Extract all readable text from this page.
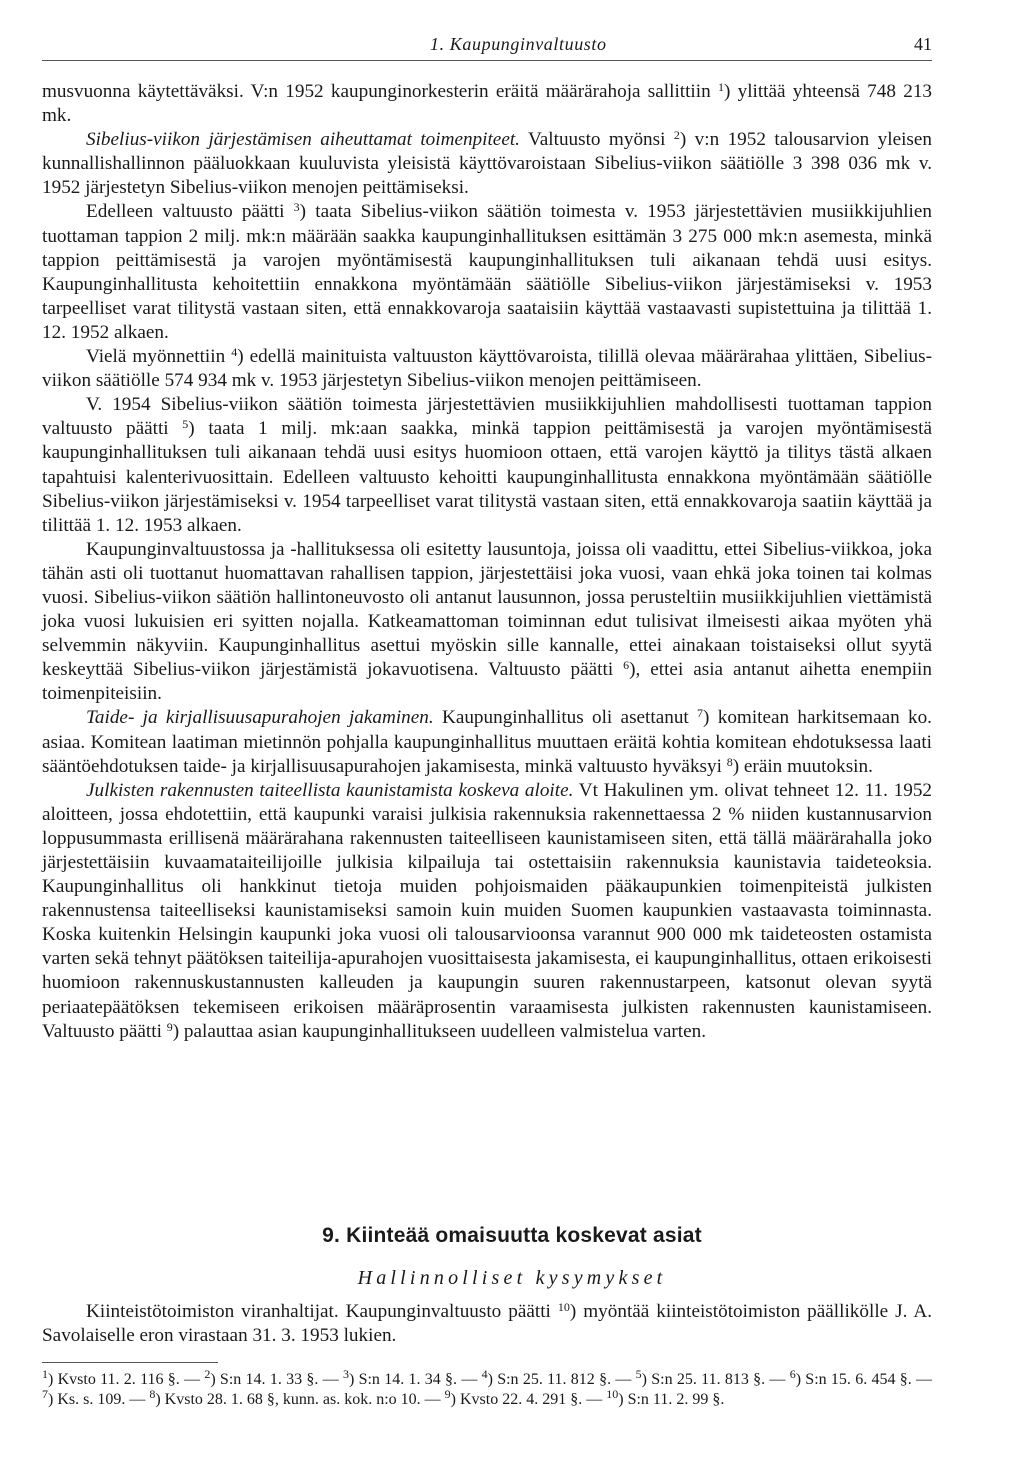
1. Kaupunginvaltuusto	41

musvuonna käytettäväksi. V:n 1952 kaupunginorkesterin eräitä määrärahoja sallittiin $^1$) ylittää yhteensä 748 213 mk.

Sibelius-viikon järjestämisen aiheuttamat toimenpiteet. Valtuusto myönsi $^2$) v:n 1952 talousarvion yleisen kunnallishallinnon pääluokkaan kuuluvista yleisistä käyttövaroistaan Sibelius-viikon säätiölle 3 398 036 mk v. 1952 järjestetyn Sibelius-viikon menojen peittämiseksi.

Edelleen valtuusto päätti $^3$) taata Sibelius-viikon säätiön toimesta v. 1953 järjestettävien musiikkijuhlien tuottaman tappion 2 milj. mk:n määrään saakka kaupunginhallituksen esittämän 3 275 000 mk:n asemesta, minkä tappion peittämisestä ja varojen myöntämisestä kaupunginhallituksen tuli aikanaan tehdä uusi esitys. Kaupunginhallitusta kehoitettiin ennakkona myöntämään säätiölle Sibelius-viikon järjestämiseksi v. 1953 tarpeelliset varat tilitystä vastaan siten, että ennakkovaroja saataisiin käyttää vastaavasti supistettuina ja tilittää 1. 12. 1952 alkaen.

Vielä myönnettiin $^4$) edellä mainituista valtuuston käyttövaroista, tilillä olevaa määrärahaa ylittäen, Sibelius-viikon säätiölle 574 934 mk v. 1953 järjestetyn Sibelius-viikon menojen peittämiseen.

V. 1954 Sibelius-viikon säätiön toimesta järjestettävien musiikkijuhlien mahdollisesti tuottaman tappion valtuusto päätti $^5$) taata 1 milj. mk:aan saakka, minkä tappion peittämisestä ja varojen myöntämisestä kaupunginhallituksen tuli aikanaan tehdä uusi esitys huomioon ottaen, että varojen käyttö ja tilitys tästä alkaen tapahtuisi kalenterivuosittain. Edelleen valtuusto kehoitti kaupunginhallitusta ennakkona myöntämään säätiölle Sibelius-viikon järjestämiseksi v. 1954 tarpeelliset varat tilitystä vastaan siten, että ennakkovaroja saatiin käyttää ja tilittää 1. 12. 1953 alkaen.

Kaupunginvaltuustossa ja -hallituksessa oli esitetty lausuntoja, joissa oli vaadittu, ettei Sibelius-viikkoa, joka tähän asti oli tuottanut huomattavan rahallisen tappion, järjestettäisi joka vuosi, vaan ehkä joka toinen tai kolmas vuosi. Sibelius-viikon säätiön hallintoneuvosto oli antanut lausunnon, jossa perusteltiin musiikkijuhlien viettämistä joka vuosi lukuisien eri syitten nojalla. Katkeamattoman toiminnan edut tulisivat ilmeisesti aikaa myöten yhä selvemmin näkyviin. Kaupunginhallitus asettui myöskin sille kannalle, ettei ainakaan toistaiseksi ollut syytä keskeyttää Sibelius-viikon järjestämistä jokavuotisena. Valtuusto päätti $^6$), ettei asia antanut aihetta enempiin toimenpiteisiin.

Taide- ja kirjallisuusapurahojen jakaminen. Kaupunginhallitus oli asettanut $^7$) komitean harkitsemaan ko. asiaa. Komitean laatiman mietinnön pohjalla kaupunginhallitus muuttaen eräitä kohtia komitean ehdotuksessa laati sääntöehdotuksen taide- ja kirjallisuusapurahojen jakamisesta, minkä valtuusto hyväksyi $^8$) eräin muutoksin.

Julkisten rakennusten taiteellista kaunistamista koskeva aloite. Vt Hakulinen ym. olivat tehneet 12. 11. 1952 aloitteen, jossa ehdotettiin, että kaupunki varaisi julkisia rakennuksia rakennettaessa 2 % niiden kustannusarvion loppusummasta erillisenä määrärahana rakennusten taiteelliseen kaunistamiseen siten, että tällä määrärahalla joko järjestettäisiin kuvaamataiteilijoille julkisia kilpailuja tai ostettaisiin rakennuksia kaunistavia taideteoksia. Kaupunginhallitus oli hankkinut tietoja muiden pohjoismaiden pääkaupunkien toimenpiteistä julkisten rakennustensa taiteelliseksi kaunistamiseksi samoin kuin muiden Suomen kaupunkien vastaavasta toiminnasta. Koska kuitenkin Helsingin kaupunki joka vuosi oli talousarvioonsa varannut 900 000 mk taideteosten ostamista varten sekä tehnyt päätöksen taiteilija-apurahojen vuosittaisesta jakamisesta, ei kaupunginhallitus, ottaen erikoisesti huomioon rakennuskustannusten kalleuden ja kaupungin suuren rakennustarpeen, katsonut olevan syytä periaatepäätöksen tekemiseen erikoisen määräprosentin varaamisesta julkisten rakennusten kaunistamiseen. Valtuusto päätti $^9$) palauttaa asian kaupunginhallitukseen uudelleen valmistelua varten.

9. Kiinteää omaisuutta koskevat asiat
Hallinnolliset kysymykset

Kiinteistötoimiston viranhaltijat. Kaupunginvaltuusto päätti $^{10}$) myöntää kiinteistötoimiston päällikölle J. A. Savolaiselle eron virastaan 31. 3. 1953 lukien.

$^1$) Kvsto 11. 2. 116 §. — $^2$) S:n 14. 1. 33 §. — $^3$) S:n 14. 1. 34 §. — $^4$) S:n 25. 11. 812 §. — $^5$) S:n 25. 11. 813 §. — $^6$) S:n 15. 6. 454 §. — $^7$) Ks. s. 109. — $^8$) Kvsto 28. 1. 68 §, kunn. as. kok. n:o 10. — $^9$) Kvsto 22. 4. 291 §. — $^{10}$) S:n 11. 2. 99 §.
